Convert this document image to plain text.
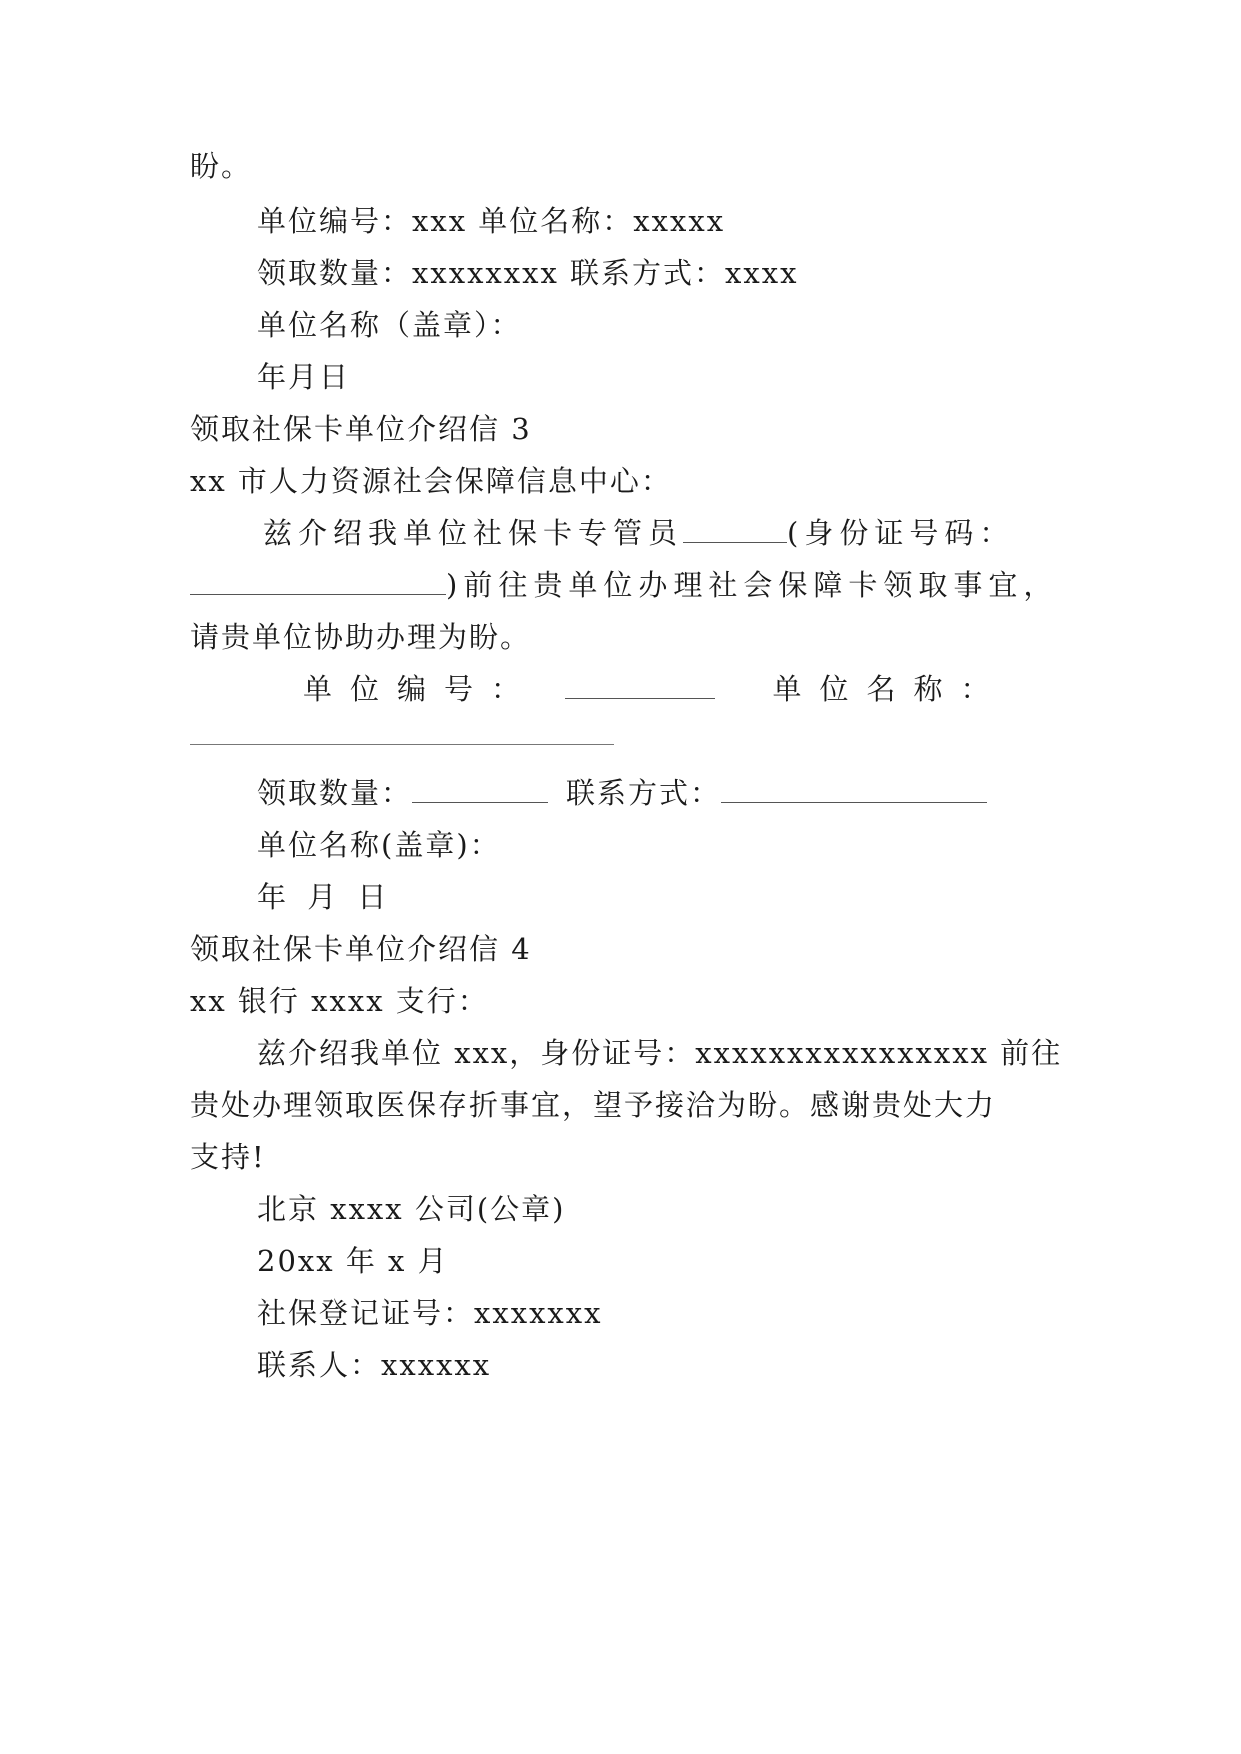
盼。
单位编号：xxx 单位名称：xxxxx
领取数量：xxxxxxxx 联系方式：xxxx
单位名称（盖章）：
年月日
领取社保卡单位介绍信 3
xx 市人力资源社会保障信息中心：
兹介绍我单位社保卡专管员	(身份证号码：
)前往贵单位办理社会保障卡领取事宜，
请贵单位协助办理为盼。
单位编号：	单位名称：
领取数量：	联系方式：
单位名称(盖章)：
年 月 日
领取社保卡单位介绍信 4
xx 银行 xxxx 支行：
兹介绍我单位 xxx，身份证号：xxxxxxxxxxxxxxxx 前往
贵处办理领取医保存折事宜，望予接洽为盼。感谢贵处大力
支持!
北京 xxxx 公司(公章)
20xx 年 x 月
社保登记证号：xxxxxxx
联系人：xxxxxx
